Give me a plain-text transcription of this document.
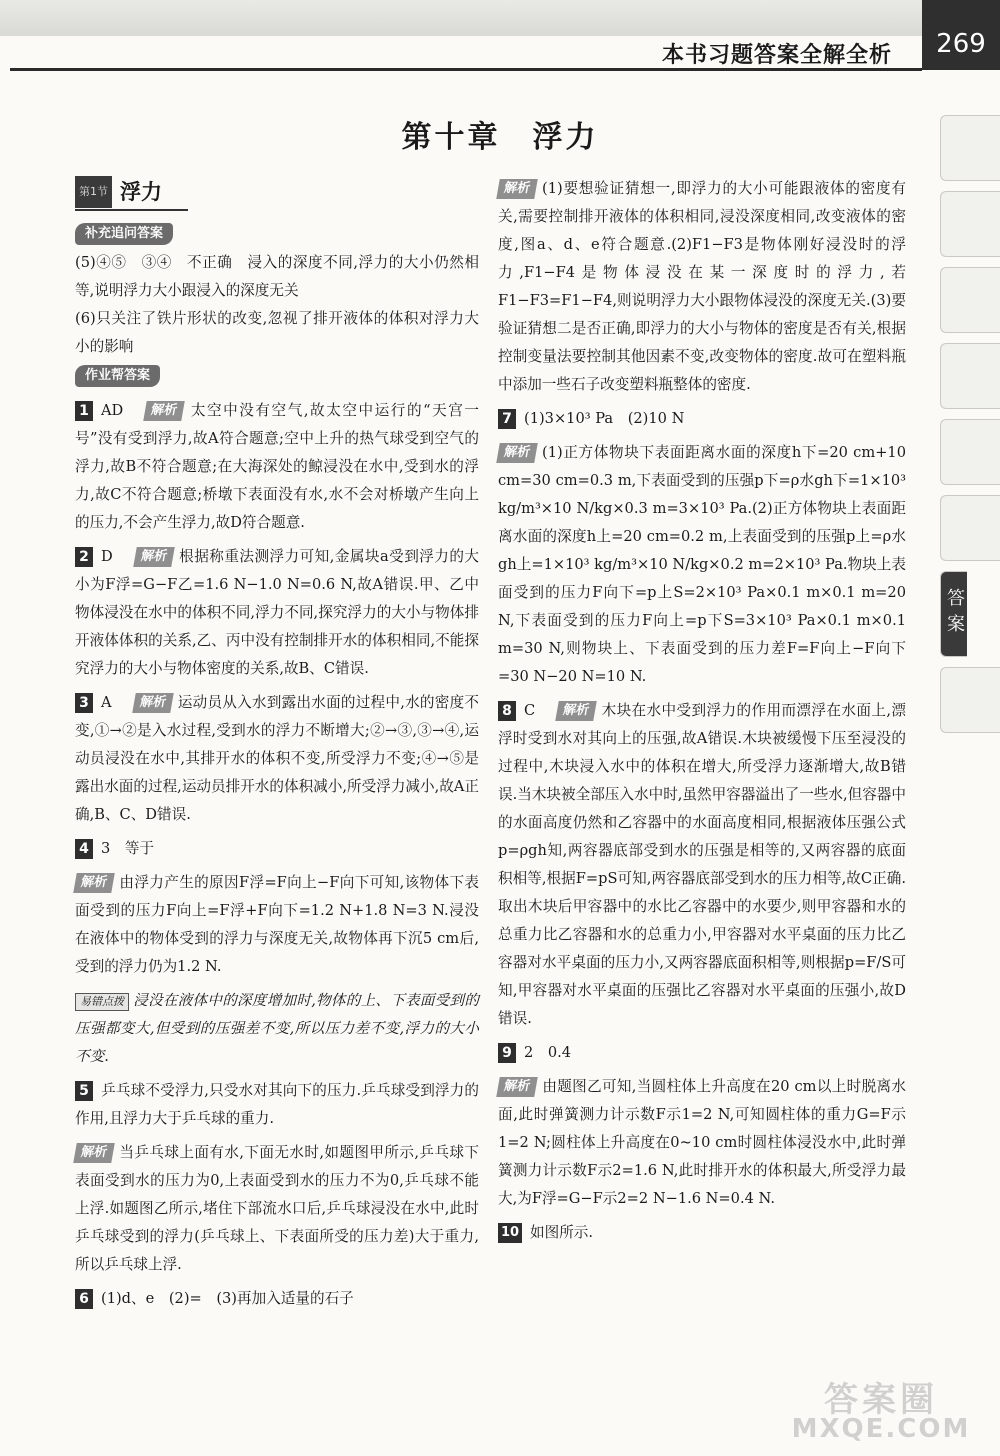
本书习题答案全解全析	269
第十章 浮力
答案
第1节 浮力
补充追问答案

(5)④⑤　③④　不正确　浸入的深度不同,浮力的大小仍然相等,说明浮力大小跟浸入的深度无关

(6)只关注了铁片形状的改变,忽视了排开液体的体积对浮力大小的影响

作业帮答案

1 AD 解析 太空中没有空气,故太空中运行的“天宫一号”没有受到浮力,故A符合题意;空中上升的热气球受到空气的浮力,故B不符合题意;在大海深处的鲸浸没在水中,受到水的浮力,故C不符合题意;桥墩下表面没有水,水不会对桥墩产生向上的压力,不会产生浮力,故D符合题意.

2 D 解析 根据称重法测浮力可知,金属块a受到浮力的大小为F浮=G−F乙=1.6 N−1.0 N=0.6 N,故A错误.甲、乙中物体浸没在水中的体积不同,浮力不同,探究浮力的大小与物体排开液体体积的关系,乙、丙中没有控制排开水的体积相同,不能探究浮力的大小与物体密度的关系,故B、C错误.

3 A 解析 运动员从入水到露出水面的过程中,水的密度不变,①→②是入水过程,受到水的浮力不断增大;②→③,③→④,运动员浸没在水中,其排开水的体积不变,所受浮力不变;④→⑤是露出水面的过程,运动员排开水的体积减小,所受浮力减小,故A正确,B、C、D错误.

4 3　等于

解析 由浮力产生的原因F浮=F向上−F向下可知,该物体下表面受到的压力F向上=F浮+F向下=1.2 N+1.8 N=3 N.浸没在液体中的物体受到的浮力与深度无关,故物体再下沉5 cm后,受到的浮力仍为1.2 N.

易错点拨 浸没在液体中的深度增加时,物体的上、下表面受到的压强都变大,但受到的压强差不变,所以压力差不变,浮力的大小不变.

5 乒乓球不受浮力,只受水对其向下的压力.乒乓球受到浮力的作用,且浮力大于乒乓球的重力.

解析 当乒乓球上面有水,下面无水时,如题图甲所示,乒乓球下表面受到水的压力为0,上表面受到水的压力不为0,乒乓球不能上浮.如题图乙所示,堵住下部流水口后,乒乓球浸没在水中,此时乒乓球受到的浮力(乒乓球上、下表面所受的压力差)大于重力,所以乒乓球上浮.

6 (1)d、e　(2)=　(3)再加入适量的石子

解析 (1)要想验证猜想一,即浮力的大小可能跟液体的密度有关,需要控制排开液体的体积相同,浸没深度相同,改变液体的密度,图a、d、e符合题意.(2)F1−F3是物体刚好浸没时的浮力,F1−F4是物体浸没在某一深度时的浮力,若F1−F3=F1−F4,则说明浮力大小跟物体浸没的深度无关.(3)要验证猜想二是否正确,即浮力的大小与物体的密度是否有关,根据控制变量法要控制其他因素不变,改变物体的密度.故可在塑料瓶中添加一些石子改变塑料瓶整体的密度.

7 (1)3×10³ Pa　(2)10 N

解析 (1)正方体物块下表面距离水面的深度h下=20 cm+10 cm=30 cm=0.3 m,下表面受到的压强p下=ρ水gh下=1×10³ kg/m³×10 N/kg×0.3 m=3×10³ Pa.(2)正方体物块上表面距离水面的深度h上=20 cm=0.2 m,上表面受到的压强p上=ρ水gh上=1×10³ kg/m³×10 N/kg×0.2 m=2×10³ Pa.物块上表面受到的压力F向下=p上S=2×10³ Pa×0.1 m×0.1 m=20 N,下表面受到的压力F向上=p下S=3×10³ Pa×0.1 m×0.1 m=30 N,则物块上、下表面受到的压力差F=F向上−F向下=30 N−20 N=10 N.

8 C 解析 木块在水中受到浮力的作用而漂浮在水面上,漂浮时受到水对其向上的压强,故A错误.木块被缓慢下压至浸没的过程中,木块浸入水中的体积在增大,所受浮力逐渐增大,故B错误.当木块被全部压入水中时,虽然甲容器溢出了一些水,但容器中的水面高度仍然和乙容器中的水面高度相同,根据液体压强公式p=ρgh知,两容器底部受到水的压强是相等的,又两容器的底面积相等,根据F=pS可知,两容器底部受到水的压力相等,故C正确.取出木块后甲容器中的水比乙容器中的水要少,则甲容器和水的总重力比乙容器和水的总重力小,甲容器对水平桌面的压力比乙容器对水平桌面的压力小,又两容器底面积相等,则根据p=F/S可知,甲容器对水平桌面的压强比乙容器对水平桌面的压强小,故D错误.

9 2　0.4

解析 由题图乙可知,当圆柱体上升高度在20 cm以上时脱离水面,此时弹簧测力计示数F示1=2 N,可知圆柱体的重力G=F示1=2 N;圆柱体上升高度在0~10 cm时圆柱体浸没水中,此时弹簧测力计示数F示2=1.6 N,此时排开水的体积最大,所受浮力最大,为F浮=G−F示2=2 N−1.6 N=0.4 N.

10 如图所示.

答案圈
MXQE.COM
